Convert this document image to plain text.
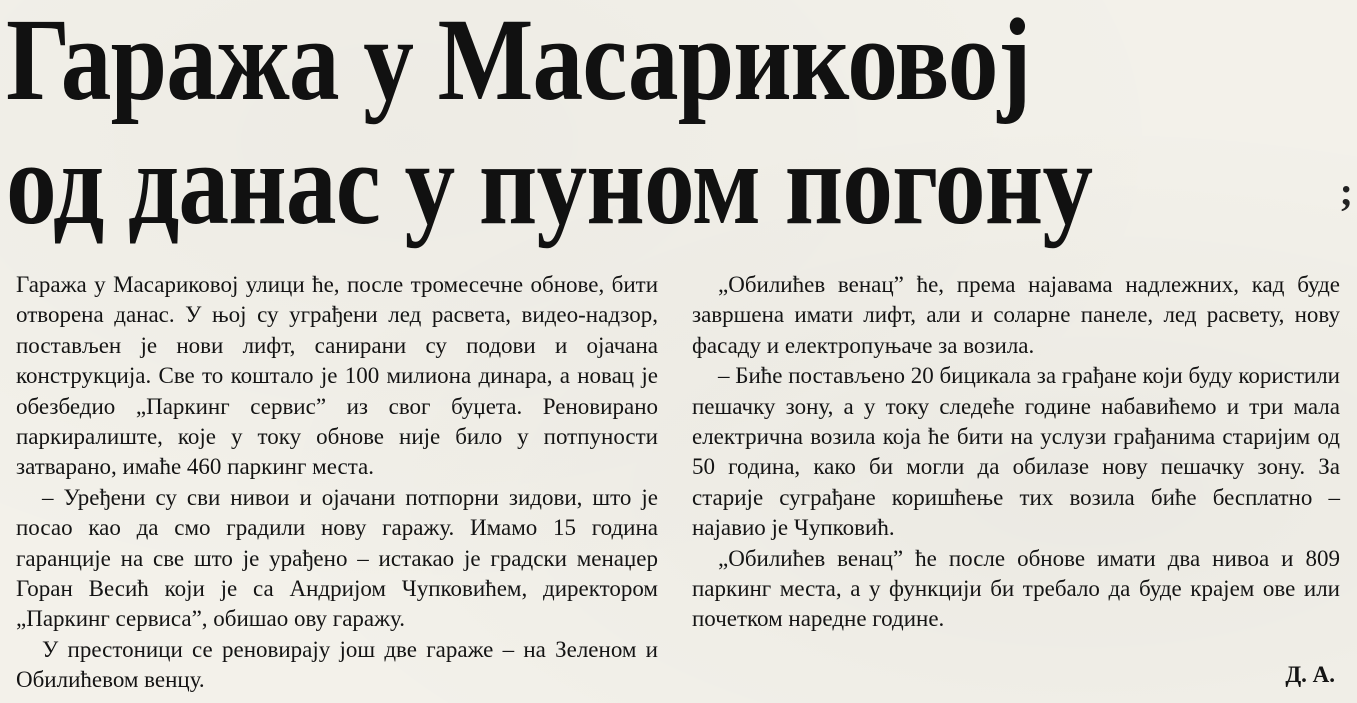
Гаража у Масариковој
од данас у пуном погону	;

Гаража у Масариковој улици ће, после тромесечне обнове, бити отворена данас. У њој су уграђени лед расвета, видео-надзор, постављен је нови лифт, санирани су подови и ојачана конструкција. Све то коштало је 100 милиона динара, а новац је обезбедио „Паркинг сервис” из свог буџета. Реновирано паркиралиште, које у току обнове није било у потпуности затварано, имаће 460 паркинг места.

– Уређени су сви нивои и ојачани потпорни зидови, што је посао као да смо градили нову гаражу. Имамо 15 година гаранције на све што је урађено – истакао је градски менаџер Горан Весић који је са Андријом Чупковићем, директором „Паркинг сервиса”, обишао ову гаражу.

У престоници се реновирају још две гараже – на Зеленом и Обилићевом венцу.

„Обилићев венац” ће, према најавама надлежних, кад буде завршена имати лифт, али и соларне панеле, лед расвету, нову фасаду и електропуњаче за возила.

– Биће постављено 20 бицикала за грађане који буду користили пешачку зону, а у току следеће године набавићемо и три мала електрична возила која ће бити на услузи грађанима старијим од 50 година, како би могли да обилазе нову пешачку зону. За старије суграђане коришћење тих возила биће бесплатно – најавио је Чупковић.

„Обилићев венац” ће после обнове имати два нивоа и 809 паркинг места, а у функцији би требало да буде крајем ове или почетком наредне године.

Д. А.
